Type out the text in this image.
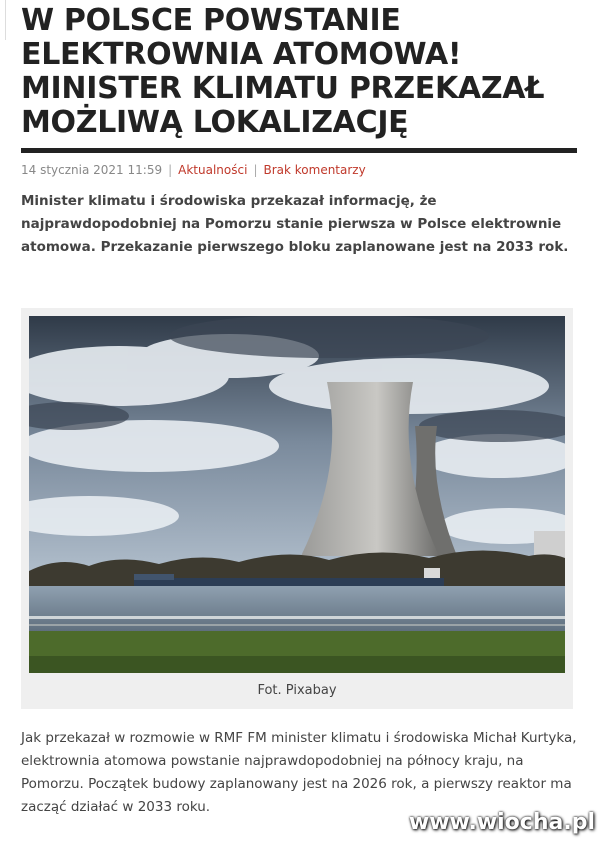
W POLSCE POWSTANIE ELEKTROWNIA ATOMOWA! MINISTER KLIMATU PRZEKAZAŁ MOŻLIWĄ LOKALIZACJĘ
14 stycznia 2021 11:59 | Aktualności | Brak komentarzy

Minister klimatu i środowiska przekazał informację, że najprawdopodobniej na Pomorzu stanie pierwsza w Polsce elektrownie atomowa. Przekazanie pierwszego bloku zaplanowane jest na 2033 rok.

Fot. Pixabay

Jak przekazał w rozmowie w RMF FM minister klimatu i środowiska Michał Kurtyka, elektrownia atomowa powstanie najprawdopodobniej na północy kraju, na Pomorzu. Początek budowy zaplanowany jest na 2026 rok, a pierwszy reaktor ma zacząć działać w 2033 roku.

www.wiocha.pl
